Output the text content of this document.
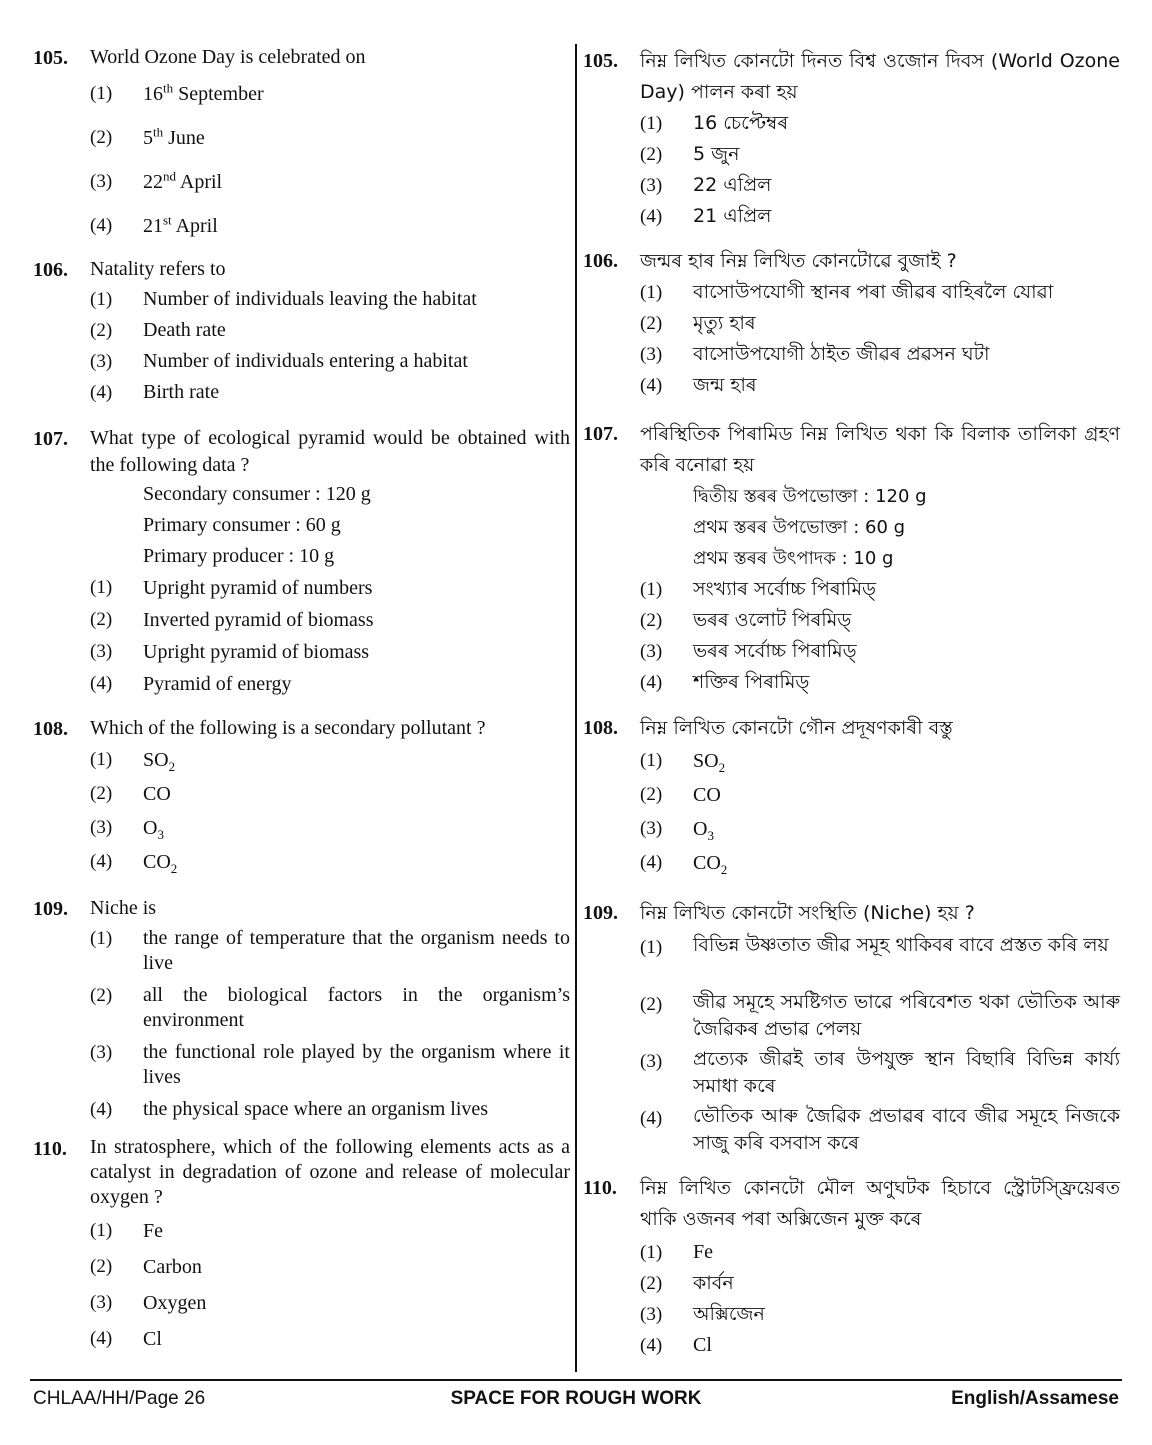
105.	World Ozone Day is celebrated on
(1)	16th September
(2)	5th June
(3)	22nd April
(4)	21st April
106.	Natality refers to
(1)	Number of individuals leaving the habitat
(2)	Death rate
(3)	Number of individuals entering a habitat
(4)	Birth rate
107.	What type of ecological pyramid would be obtained with the following data ?
Secondary consumer : 120 g
Primary consumer : 60 g
Primary producer : 10 g
(1)	Upright pyramid of numbers
(2)	Inverted pyramid of biomass
(3)	Upright pyramid of biomass
(4)	Pyramid of energy
108.	Which of the following is a secondary pollutant ?
(1)	$SO_2$
(2)	CO
(3)	$O_3$
(4)	$CO_2$
109.	Niche is
(1)	the range of temperature that the organism needs to live
(2)	all the biological factors in the organism’s environment
(3)	the functional role played by the organism where it lives
(4)	the physical space where an organism lives
110.	In stratosphere, which of the following elements acts as a catalyst in degradation of ozone and release of molecular oxygen ?
(1)	Fe
(2)	Carbon
(3)	Oxygen
(4)	Cl
105.	নিম্ন লিখিত কোনটো দিনত বিশ্ব ওজোন দিবস (World Ozone Day) পালন কৰা হয়
(1)	16 চেপ্টেম্বৰ
(2)	5 জুন
(3)	22 এপ্ৰিল
(4)	21 এপ্ৰিল
106.	জন্মৰ হাৰ নিম্ন লিখিত কোনটোৱে বুজাই ?
(1)	বাসোউপযোগী স্থানৰ পৰা জীৱৰ বাহিৰলৈ যোৱা
(2)	মৃত্যু হাৰ
(3)	বাসোউপযোগী ঠাইত জীৱৰ প্ৰৱসন ঘটা
(4)	জন্ম হাৰ
107.	পৰিস্থিতিক পিৰামিড নিম্ন লিখিত থকা কি বিলাক তালিকা গ্ৰহণ কৰি বনোৱা হয়
দ্বিতীয় স্তৰৰ উপভোক্তা : 120 g
প্ৰথম স্তৰৰ উপভোক্তা : 60 g
প্ৰথম স্তৰৰ উৎপাদক : 10 g
(1)	সংখ্যাৰ সৰ্বোচ্চ পিৰামিড্
(2)	ভৰৰ ওলোট পিৰমিড্
(3)	ভৰৰ সৰ্বোচ্চ পিৰামিড্
(4)	শক্তিৰ পিৰামিড্
108.	নিম্ন লিখিত কোনটো গৌন প্ৰদূষণকাৰী বস্তু
(1)	$SO_2$
(2)	CO
(3)	$O_3$
(4)	$CO_2$
109.	নিম্ন লিখিত কোনটো সংস্থিতি (Niche) হয় ?
(1)	বিভিন্ন উষ্ণতাত জীৱ সমূহ থাকিবৰ বাবে প্ৰস্তত কৰি লয়
(2)	জীৱ সমূহে সমষ্টিগত ভাৱে পৰিবেশত থকা ভৌতিক আৰু জৈৱিকৰ প্ৰভাৱ পেলয়
(3)	প্ৰত্যেক জীৱই তাৰ উপযুক্ত স্থান বিছাৰি বিভিন্ন কাৰ্য্য সমাধা কৰে
(4)	ভৌতিক আৰু জৈৱিক প্ৰভাৱৰ বাবে জীৱ সমূহে নিজকে সাজু কৰি বসবাস কৰে
110.	নিম্ন লিখিত কোনটো মৌল অণুঘটক হিচাবে স্ট্ৰোটস্ফ্ৰিয়েৰত থাকি ওজনৰ পৰা অক্সিজেন মুক্ত কৰে
(1)	Fe
(2)	কাৰ্বন
(3)	অক্সিজেন
(4)	Cl
CHLAA/HH/Page 26	SPACE FOR ROUGH WORK	English/Assamese
